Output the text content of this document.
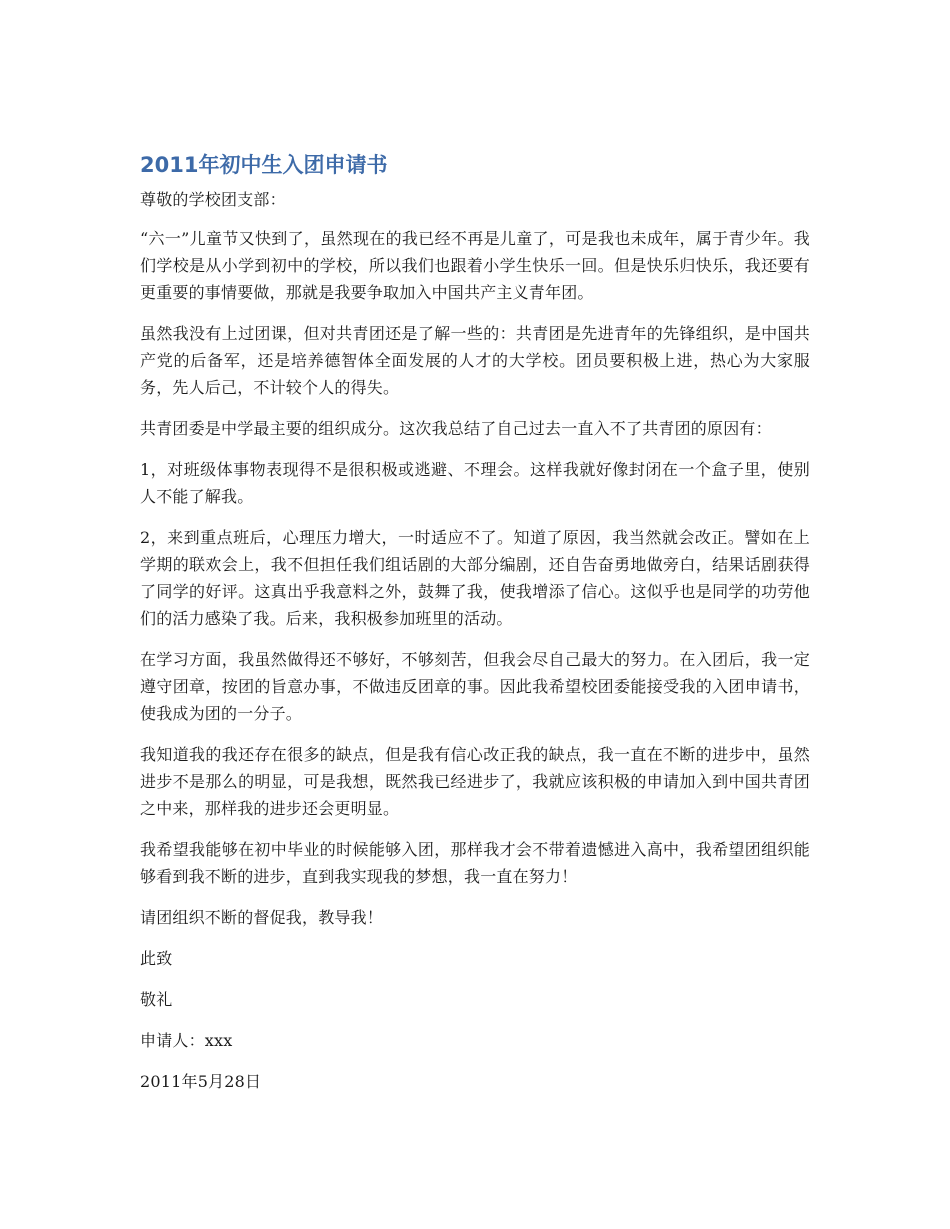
2011年初中生入团申请书

尊敬的学校团支部：

“六一”儿童节又快到了，虽然现在的我已经不再是儿童了，可是我也未成年，属于青少年。我们学校是从小学到初中的学校，所以我们也跟着小学生快乐一回。但是快乐归快乐，我还要有更重要的事情要做，那就是我要争取加入中国共产主义青年团。

虽然我没有上过团课，但对共青团还是了解一些的：共青团是先进青年的先锋组织，是中国共产党的后备军，还是培养德智体全面发展的人才的大学校。团员要积极上进，热心为大家服务，先人后己，不计较个人的得失。

共青团委是中学最主要的组织成分。这次我总结了自己过去一直入不了共青团的原因有：

1，对班级体事物表现得不是很积极或逃避、不理会。这样我就好像封闭在一个盒子里，使别人不能了解我。

2，来到重点班后，心理压力增大，一时适应不了。知道了原因，我当然就会改正。譬如在上学期的联欢会上，我不但担任我们组话剧的大部分编剧，还自告奋勇地做旁白，结果话剧获得了同学的好评。这真出乎我意料之外，鼓舞了我，使我增添了信心。这似乎也是同学的功劳他们的活力感染了我。后来，我积极参加班里的活动。

在学习方面，我虽然做得还不够好，不够刻苦，但我会尽自己最大的努力。在入团后，我一定遵守团章，按团的旨意办事，不做违反团章的事。因此我希望校团委能接受我的入团申请书，使我成为团的一分子。

我知道我的我还存在很多的缺点，但是我有信心改正我的缺点，我一直在不断的进步中，虽然进步不是那么的明显，可是我想，既然我已经进步了，我就应该积极的申请加入到中国共青团之中来，那样我的进步还会更明显。

我希望我能够在初中毕业的时候能够入团，那样我才会不带着遗憾进入高中，我希望团组织能够看到我不断的进步，直到我实现我的梦想，我一直在努力！

请团组织不断的督促我，教导我！

此致

敬礼

申请人：xxx

2011年5月28日
